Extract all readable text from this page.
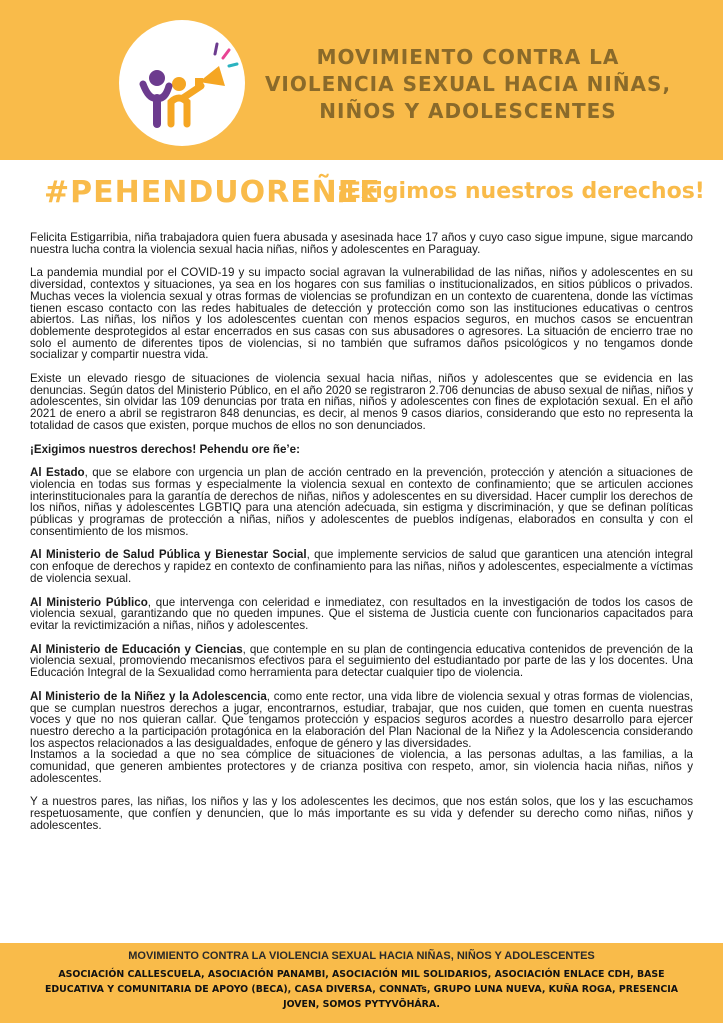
MOVIMIENTO CONTRA LA
VIOLENCIA SEXUAL HACIA NIÑAS,
NIÑOS Y ADOLESCENTES
#PEHENDUOREÑEE
¡Exigimos nuestros derechos!

Felicita Estigarribia, niña trabajadora quien fuera abusada y asesinada hace 17 años y cuyo caso sigue impune, sigue marcando nuestra lucha contra la violencia sexual hacia niñas, niños y adolescentes en Paraguay.

La pandemia mundial por el COVID-19 y su impacto social agravan la vulnerabilidad de las niñas, niños y adolescentes en su diversidad, contextos y situaciones, ya sea en los hogares con sus familias o institucionalizados, en sitios públicos o privados. Muchas veces la violencia sexual y otras formas de violencias se profundizan en un contexto de cuarentena, donde las víctimas tienen escaso contacto con las redes habituales de detección y protección como son las instituciones educativas o centros abiertos. Las niñas, los niños y los adolescentes cuentan con menos espacios seguros, en muchos casos se encuentran doblemente desprotegidos al estar encerrados en sus casas con sus abusadores o agresores. La situación de encierro trae no solo el aumento de diferentes tipos de violencias, si no también que suframos daños psicológicos y no tengamos donde socializar y compartir nuestra vida.

Existe un elevado riesgo de situaciones de violencia sexual hacia niñas, niños y adolescentes que se evidencia en las denuncias. Según datos del Ministerio Público, en el año 2020 se registraron 2.706 denuncias de abuso sexual de niñas, niños y adolescentes, sin olvidar las 109 denuncias por trata en niñas, niños y adolescentes con fines de explotación sexual. En el año 2021 de enero a abril se registraron 848 denuncias, es decir, al menos 9 casos diarios, considerando que esto no representa la totalidad de casos que existen, porque muchos de ellos no son denunciados.

¡Exigimos nuestros derechos! Pehendu ore ñe’e:

Al Estado, que se elabore con urgencia un plan de acción centrado en la prevención, protección y atención a situaciones de violencia en todas sus formas y especialmente la violencia sexual en contexto de confinamiento; que se articulen acciones interinstitucionales para la garantía de derechos de niñas, niños y adolescentes en su diversidad. Hacer cumplir los derechos de los niños, niñas y adolescentes LGBTIQ para una atención adecuada, sin estigma y discriminación, y que se definan políticas públicas y programas de protección a niñas, niños y adolescentes de pueblos indígenas, elaborados en consulta y con el consentimiento de los mismos.

Al Ministerio de Salud Pública y Bienestar Social, que implemente servicios de salud que garanticen una atención integral con enfoque de derechos y rapidez en contexto de confinamiento para las niñas, niños y adolescentes, especialmente a víctimas de violencia sexual.

Al Ministerio Público, que intervenga con celeridad e inmediatez, con resultados en la investigación de todos los casos de violencia sexual, garantizando que no queden impunes. Que el sistema de Justicia cuente con funcionarios capacitados para evitar la revictimización a niñas, niños y adolescentes.

Al Ministerio de Educación y Ciencias, que contemple en su plan de contingencia educativa contenidos de prevención de la violencia sexual, promoviendo mecanismos efectivos para el seguimiento del estudiantado por parte de las y los docentes. Una Educación Integral de la Sexualidad como herramienta para detectar cualquier tipo de violencia.

Al Ministerio de la Niñez y la Adolescencia, como ente rector, una vida libre de violencia sexual y otras formas de violencias, que se cumplan nuestros derechos a jugar, encontrarnos, estudiar, trabajar, que nos cuiden, que tomen en cuenta nuestras voces y que no nos quieran callar. Que tengamos protección y espacios seguros acordes a nuestro desarrollo para ejercer nuestro derecho a la participación protagónica en la elaboración del Plan Nacional de la Niñez y la Adolescencia considerando los aspectos relacionados a las desigualdades, enfoque de género y las diversidades.

Instamos a la sociedad a que no sea cómplice de situaciones de violencia, a las personas adultas, a las familias, a la comunidad, que generen ambientes protectores y de crianza positiva con respeto, amor, sin violencia hacia niñas, niños y adolescentes.

Y a nuestros pares, las niñas, los niños y las y los adolescentes les decimos, que nos están solos, que los y las escuchamos respetuosamente, que confíen y denuncien, que lo más importante es su vida y defender su derecho como niñas, niños y adolescentes.

MOVIMIENTO CONTRA LA VIOLENCIA SEXUAL HACIA NIÑAS, NIÑOS Y ADOLESCENTES
ASOCIACIÓN CALLESCUELA, ASOCIACIÓN PANAMBI, ASOCIACIÓN MIL SOLIDARIOS, ASOCIACIÓN ENLACE CDH, BASE EDUCATIVA Y COMUNITARIA DE APOYO (BECA), CASA DIVERSA, CONNATs, GRUPO LUNA NUEVA, KUÑA ROGA, PRESENCIA JOVEN, SOMOS PYTYVÕHÁRA.
